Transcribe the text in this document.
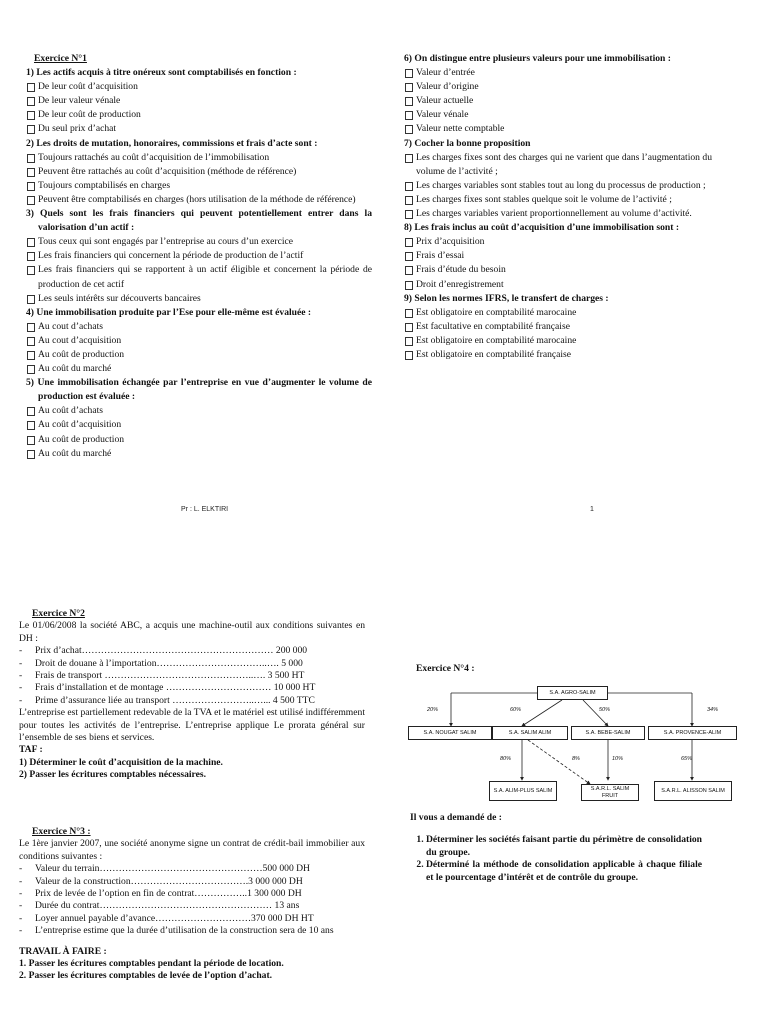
Exercice N°1

1) Les actifs acquis à titre onéreux sont comptabilisés en fonction :

De leur coût d’acquisition

De leur valeur vénale

De leur coût de production

Du seul prix d’achat

2) Les droits de mutation, honoraires, commissions et frais d’acte sont :

Toujours rattachés au coût d’acquisition de l’immobilisation

Peuvent être rattachés au coût d’acquisition (méthode de référence)

Toujours comptabilisés en charges

Peuvent être comptabilisés en charges (hors utilisation de la méthode de référence)

3) Quels sont les frais financiers qui peuvent potentiellement entrer dans la valorisation d’un actif :

Tous ceux qui sont engagés par l’entreprise au cours d’un exercice

Les frais financiers qui concernent la période de production de l’actif

Les frais financiers qui se rapportent à un actif éligible et concernent la période de production de cet actif

Les seuls intérêts sur découverts bancaires

4) Une immobilisation produite par l’Ese pour elle-même est évaluée :

Au cout d’achats

Au cout d’acquisition

Au coût de production

Au coût du marché

5) Une immobilisation échangée par l’entreprise en vue d’augmenter le volume de production est évaluée :

Au coût d’achats

Au coût d’acquisition

Au coût de production

Au coût du marché

6) On distingue entre plusieurs valeurs pour une immobilisation :

Valeur d’entrée

Valeur d’origine

Valeur actuelle

Valeur vénale

Valeur nette comptable

7) Cocher la bonne proposition

Les charges fixes sont des charges qui ne varient que dans l’augmentation du volume de l’activité ;

Les charges variables sont stables tout au long du processus de production ;

Les charges fixes sont stables quelque soit le volume de l’activité ;

Les charges variables varient proportionnellement au volume d’activité.

8) Les frais inclus au coût d’acquisition d’une immobilisation sont :

Prix d’acquisition

Frais d’essai

Frais d’étude du besoin

Droit d’enregistrement

9) Selon les normes IFRS, le transfert de charges :

Est obligatoire en comptabilité marocaine

Est facultative en comptabilité française

Est obligatoire en comptabilité marocaine

Est obligatoire en comptabilité française

Pr : L. ELKTIRI	1

Exercice N°2

Le 01/06/2008 la société ABC, a acquis une machine-outil aux conditions suivantes en DH :

-	Prix d’achat…………………………………………………… 200 000
-	Droit de douane à l’importation……………………………..…. 5 000
-	Frais de transport ………………………………………..…. 3 500 HT
-	Frais d’installation et de montage …………………………… 10 000 HT
-	Prime d’assurance liée au transport ……………………..…... 4 500 TTC

L’entreprise est partiellement redevable de la TVA et le matériel est utilisé indifféremment pour toutes les activités de l’entreprise. L’entreprise applique Le prorata général sur l’ensemble de ses biens et services.

TAF :

1) Déterminer le coût d’acquisition de la machine.

2) Passer les écritures comptables nécessaires.

Exercice N°3 :

Le 1ère janvier 2007, une société anonyme signe un contrat de crédit-bail immobilier aux conditions suivantes :

-	Valeur du terrain……………………………………………500 000 DH
-	Valeur de la construction……………………………….3 000 000 DH
-	Prix de levée de l’option en fin de contrat……………..1 300 000 DH
-	Durée du contrat……………………………………………… 13 ans
-	Loyer annuel payable d’avance…………………………370 000 DH HT
-	L’entreprise estime que la durée d’utilisation de la construction sera de 10 ans

TRAVAIL À FAIRE :

1. Passer les écritures comptables pendant la période de location.

2. Passer les écritures comptables de levée de l’option d’achat.

Exercice N°4 :
S.A. AGRO-SALIM
S.A. NOUGAT SALIM	S.A. SALIM ALIM	S.A. BEBE-SALIM	S.A. PROVENCE-ALIM
S.A. ALIM-PLUS SALIM	S.A.R.L. SALIM FRUIT
S.A.R.L. ALISSON SALIM
20%	60%	50%	34%
80%	8%	10%	65%

Il vous a demandé de :

1. Déterminer les sociétés faisant partie du périmètre de consolidation du groupe.
2. Déterminé la méthode de consolidation applicable à chaque filiale et le pourcentage d’intérêt et de contrôle du groupe.
